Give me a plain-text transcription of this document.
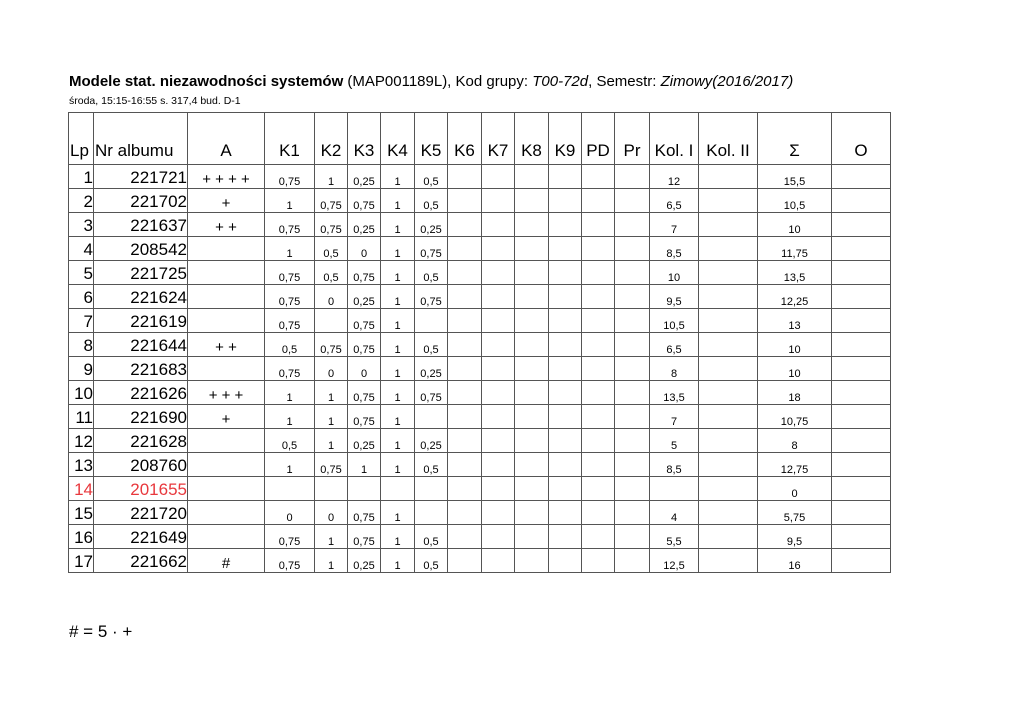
Modele stat. niezawodności systemów (MAP001189L), Kod grupy: T00-72d, Semestr: Zimowy(2016/2017)
środa, 15:15-16:55 s. 317,4 bud. D-1
Lp	Nr albumu	A	K1	K2	K3	K4	K5	K6	K7	K8	K9	PD	Pr	Kol. I	Kol. II	Σ	O
1	221721	+ + + +	0,75	1	0,25	1	0,5							12		15,5	
2	221702	+	1	0,75	0,75	1	0,5							6,5		10,5	
3	221637	+ +	0,75	0,75	0,25	1	0,25							7		10	
4	208542		1	0,5	0	1	0,75							8,5		11,75	
5	221725		0,75	0,5	0,75	1	0,5							10		13,5	
6	221624		0,75	0	0,25	1	0,75							9,5		12,25	
7	221619		0,75		0,75	1								10,5		13	
8	221644	+ +	0,5	0,75	0,75	1	0,5							6,5		10	
9	221683		0,75	0	0	1	0,25							8		10	
10	221626	+ + +	1	1	0,75	1	0,75							13,5		18	
11	221690	+	1	1	0,75	1								7		10,75	
12	221628		0,5	1	0,25	1	0,25							5		8	
13	208760		1	0,75	1	1	0,5							8,5		12,75	
14	201655															0	
15	221720		0	0	0,75	1								4		5,75	
16	221649		0,75	1	0,75	1	0,5							5,5		9,5	
17	221662	#	0,75	1	0,25	1	0,5							12,5		16	
# = 5 · +
